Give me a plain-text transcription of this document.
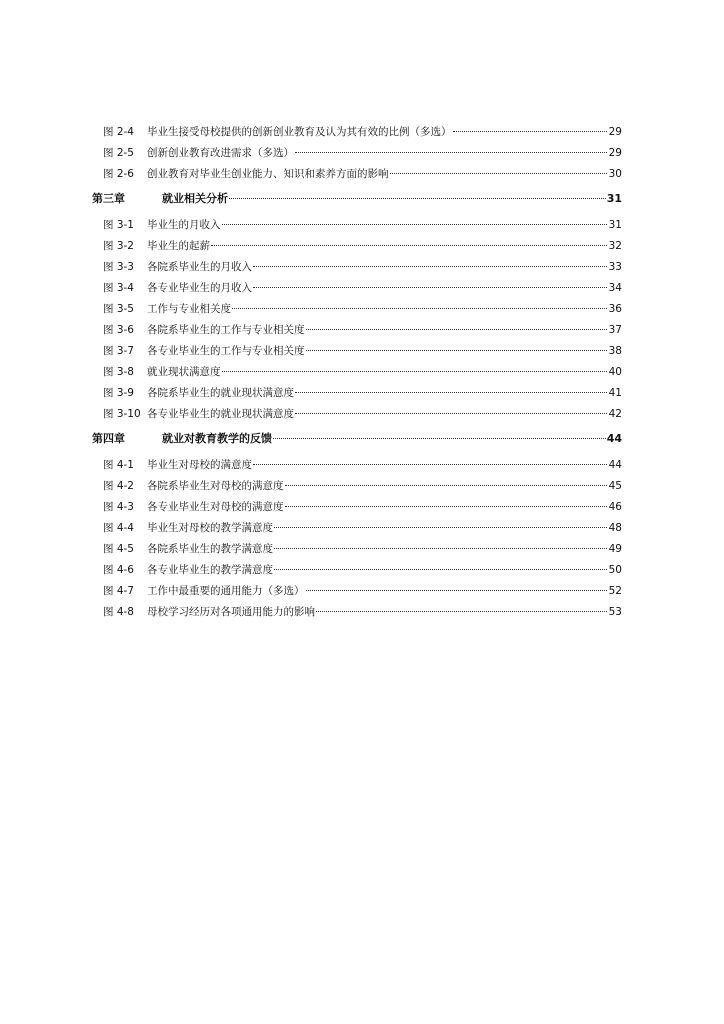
图 2-4	毕业生接受母校提供的创新创业教育及认为其有效的比例（多选）	29
图 2-5	创新创业教育改进需求（多选）	29
图 2-6	创业教育对毕业生创业能力、知识和素养方面的影响	30
第三章	就业相关分析	31
图 3-1	毕业生的月收入	31
图 3-2	毕业生的起薪	32
图 3-3	各院系毕业生的月收入	33
图 3-4	各专业毕业生的月收入	34
图 3-5	工作与专业相关度	36
图 3-6	各院系毕业生的工作与专业相关度	37
图 3-7	各专业毕业生的工作与专业相关度	38
图 3-8	就业现状满意度	40
图 3-9	各院系毕业生的就业现状满意度	41
图 3-10 各专业毕业生的就业现状满意度	42
第四章	就业对教育教学的反馈	44
图 4-1	毕业生对母校的满意度	44
图 4-2	各院系毕业生对母校的满意度	45
图 4-3	各专业毕业生对母校的满意度	46
图 4-4	毕业生对母校的教学满意度	48
图 4-5	各院系毕业生的教学满意度	49
图 4-6	各专业毕业生的教学满意度	50
图 4-7	工作中最重要的通用能力（多选）	52
图 4-8	母校学习经历对各项通用能力的影响	53
